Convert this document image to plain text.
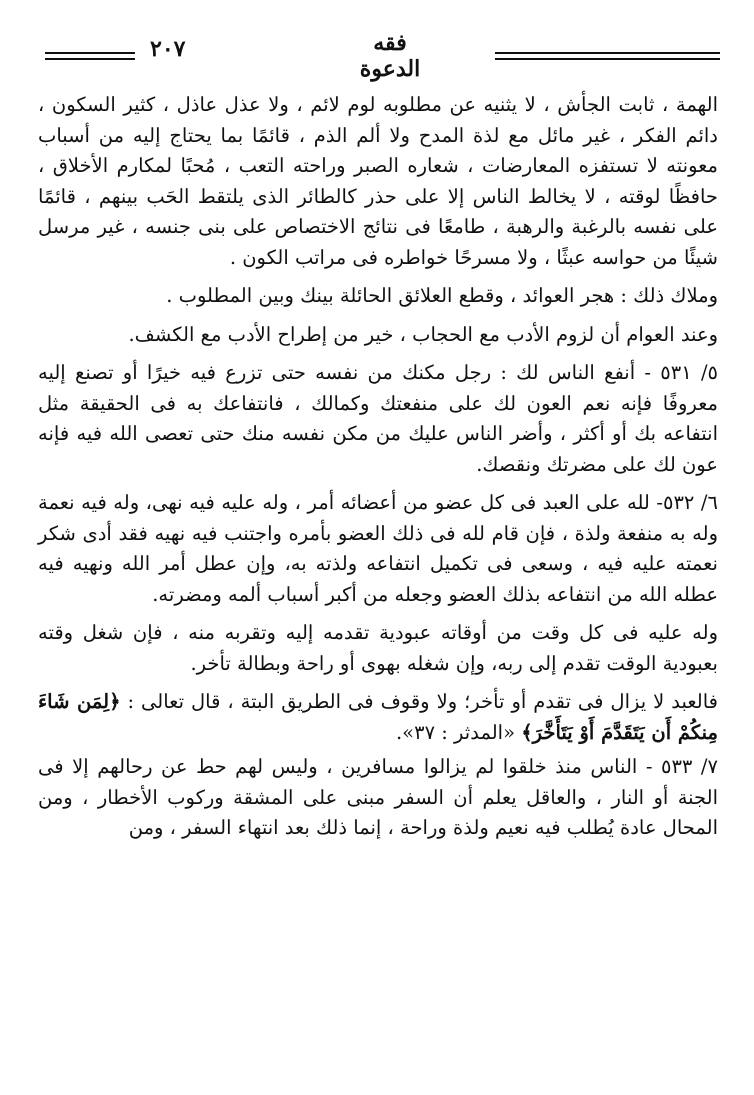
٢٠٧	فقه الدعوة

الهمة ، ثابت الجأش ، لا يثنيه عن مطلوبه لوم لائم ، ولا عذل عاذل ، كثير السكون ، دائم الفكر ، غير مائل مع لذة المدح ولا ألم الذم ، قائمًا بما يحتاج إليه من أسباب معونته لا تستفزه المعارضات ، شعاره الصبر وراحته التعب ، مُحبًا لمكارم الأخلاق ، حافظًا لوقته ، لا يخالط الناس إلا على حذر كالطائر الذى يلتقط الحَب بينهم ، قائمًا على نفسه بالرغبة والرهبة ، طامعًا فى نتائج الاختصاص على بنى جنسه ، غير مرسل شيئًا من حواسه عبثًا ، ولا مسرحًا خواطره فى مراتب الكون .

وملاك ذلك : هجر العوائد ، وقطع العلائق الحائلة بينك وبين المطلوب .

وعند العوام أن لزوم الأدب مع الحجاب ، خير من إطراح الأدب مع الكشف.

٥/ ٥٣١ - أنفع الناس لك : رجل مكنك من نفسه حتى تزرع فيه خيرًا أو تصنع إليه معروفًا فإنه نعم العون لك على منفعتك وكمالك ، فانتفاعك به فى الحقيقة مثل انتفاعه بك أو أكثر ، وأضر الناس عليك من مكن نفسه منك حتى تعصى الله فيه فإنه عون لك على مضرتك ونقصك.

٦/ ٥٣٢- لله على العبد فى كل عضو من أعضائه أمر ، وله عليه فيه نهى، وله فيه نعمة وله به منفعة ولذة ، فإن قام لله فى ذلك العضو بأمره واجتنب فيه نهيه فقد أدى شكر نعمته عليه فيه ، وسعى فى تكميل انتفاعه ولذته به، وإن عطل أمر الله ونهيه فيه عطله الله من انتفاعه بذلك العضو وجعله من أكبر أسباب ألمه ومضرته.

وله عليه فى كل وقت من أوقاته عبودية تقدمه إليه وتقربه منه ، فإن شغل وقته بعبودية الوقت تقدم إلى ربه، وإن شغله بهوى أو راحة وبطالة تأخر.

فالعبد لا يزال فى تقدم أو تأخر؛ ولا وقوف فى الطريق البتة ، قال تعالى : ﴿لِمَن شَاءَ مِنكُمْ أَن يَتَقَدَّمَ أَوْ يَتَأَخَّرَ﴾ «المدثر : ٣٧».

٧/ ٥٣٣ - الناس منذ خلقوا لم يزالوا مسافرين ، وليس لهم حط عن رحالهم إلا فى الجنة أو النار ، والعاقل يعلم أن السفر مبنى على المشقة وركوب الأخطار ، ومن المحال عادة يُطلب فيه نعيم ولذة وراحة ، إنما ذلك بعد انتهاء السفر ، ومن
